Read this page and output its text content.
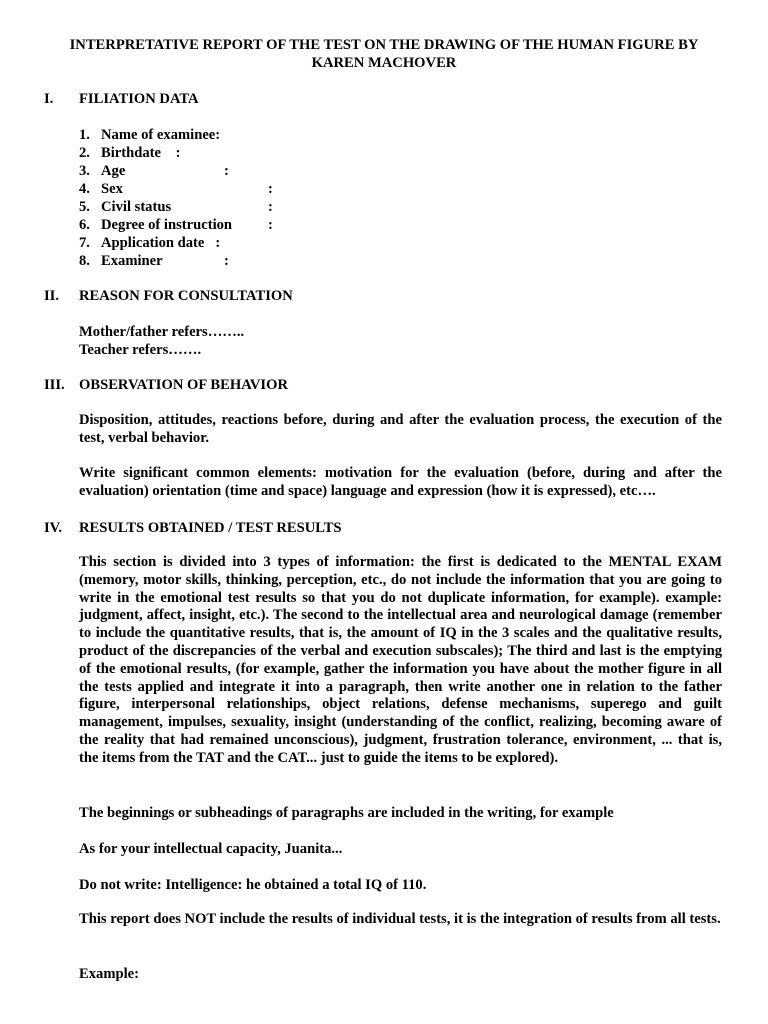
INTERPRETATIVE REPORT OF THE TEST ON THE DRAWING OF THE HUMAN FIGURE BY
KAREN MACHOVER
I. FILIATION DATA
1. Name of examinee:
2. Birthdate    :
3. Age	:
4. Sex	:
5. Civil status	:
6. Degree of instruction :
7. Application date   :
8. Examiner	:
II. REASON FOR CONSULTATION
Mother/father refers……..
Teacher refers…….
III. OBSERVATION OF BEHAVIOR
Disposition, attitudes, reactions before, during and after the evaluation process, the execution of the test, verbal behavior.
Write significant common elements: motivation for the evaluation (before, during and after the evaluation) orientation (time and space) language and expression (how it is expressed), etc….
IV. RESULTS OBTAINED / TEST RESULTS
This section is divided into 3 types of information: the first is dedicated to the MENTAL EXAM (memory, motor skills, thinking, perception, etc., do not include the information that you are going to write in the emotional test results so that you do not duplicate information, for example). example: judgment, affect, insight, etc.). The second to the intellectual area and neurological damage (remember to include the quantitative results, that is, the amount of IQ in the 3 scales and the qualitative results, product of the discrepancies of the verbal and execution subscales); The third and last is the emptying of the emotional results, (for example, gather the information you have about the mother figure in all the tests applied and integrate it into a paragraph, then write another one in relation to the father figure, interpersonal relationships, object relations, defense mechanisms, superego and guilt management, impulses, sexuality, insight (understanding of the conflict, realizing, becoming aware of the reality that had remained unconscious), judgment, frustration tolerance, environment, ... that is, the items from the TAT and the CAT... just to guide the items to be explored).
The beginnings or subheadings of paragraphs are included in the writing, for example
As for your intellectual capacity, Juanita...
Do not write: Intelligence: he obtained a total IQ of 110.
This report does NOT include the results of individual tests, it is the integration of results from all tests.
Example:
